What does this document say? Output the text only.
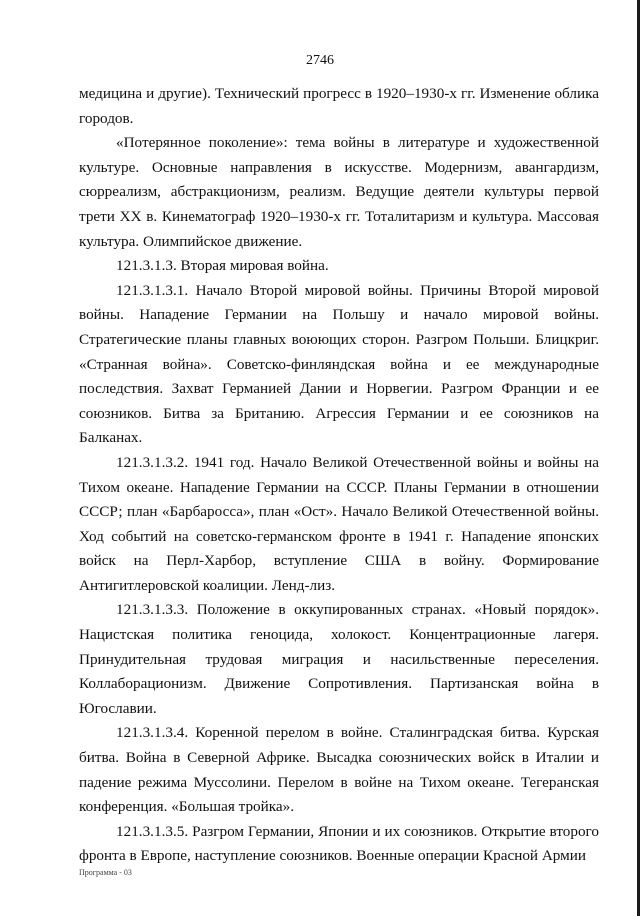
2746

медицина и другие). Технический прогресс в 1920–1930-х гг. Изменение облика городов.

«Потерянное поколение»: тема войны в литературе и художественной культуре. Основные направления в искусстве. Модернизм, авангардизм, сюрреализм, абстракционизм, реализм. Ведущие деятели культуры первой трети XX в. Кинематограф 1920–1930-х гг. Тоталитаризм и культура. Массовая культура. Олимпийское движение.

121.3.1.3. Вторая мировая война.

121.3.1.3.1. Начало Второй мировой войны. Причины Второй мировой войны. Нападение Германии на Польшу и начало мировой войны. Стратегические планы главных воюющих сторон. Разгром Польши. Блицкриг. «Странная война». Советско-финляндская война и ее международные последствия. Захват Германией Дании и Норвегии. Разгром Франции и ее союзников. Битва за Британию. Агрессия Германии и ее союзников на Балканах.

121.3.1.3.2. 1941 год. Начало Великой Отечественной войны и войны на Тихом океане. Нападение Германии на СССР. Планы Германии в отношении СССР; план «Барбаросса», план «Ост». Начало Великой Отечественной войны. Ход событий на советско-германском фронте в 1941 г. Нападение японских войск на Перл-Харбор, вступление США в войну. Формирование Антигитлеровской коалиции. Ленд-лиз.

121.3.1.3.3. Положение в оккупированных странах. «Новый порядок». Нацистская политика геноцида, холокост. Концентрационные лагеря. Принудительная трудовая миграция и насильственные переселения. Коллаборационизм. Движение Сопротивления. Партизанская война в Югославии.

121.3.1.3.4. Коренной перелом в войне. Сталинградская битва. Курская битва. Война в Северной Африке. Высадка союзнических войск в Италии и падение режима Муссолини. Перелом в войне на Тихом океане. Тегеранская конференция. «Большая тройка».

121.3.1.3.5. Разгром Германии, Японии и их союзников. Открытие второго фронта в Европе, наступление союзников. Военные операции Красной Армии

Программа - 03
